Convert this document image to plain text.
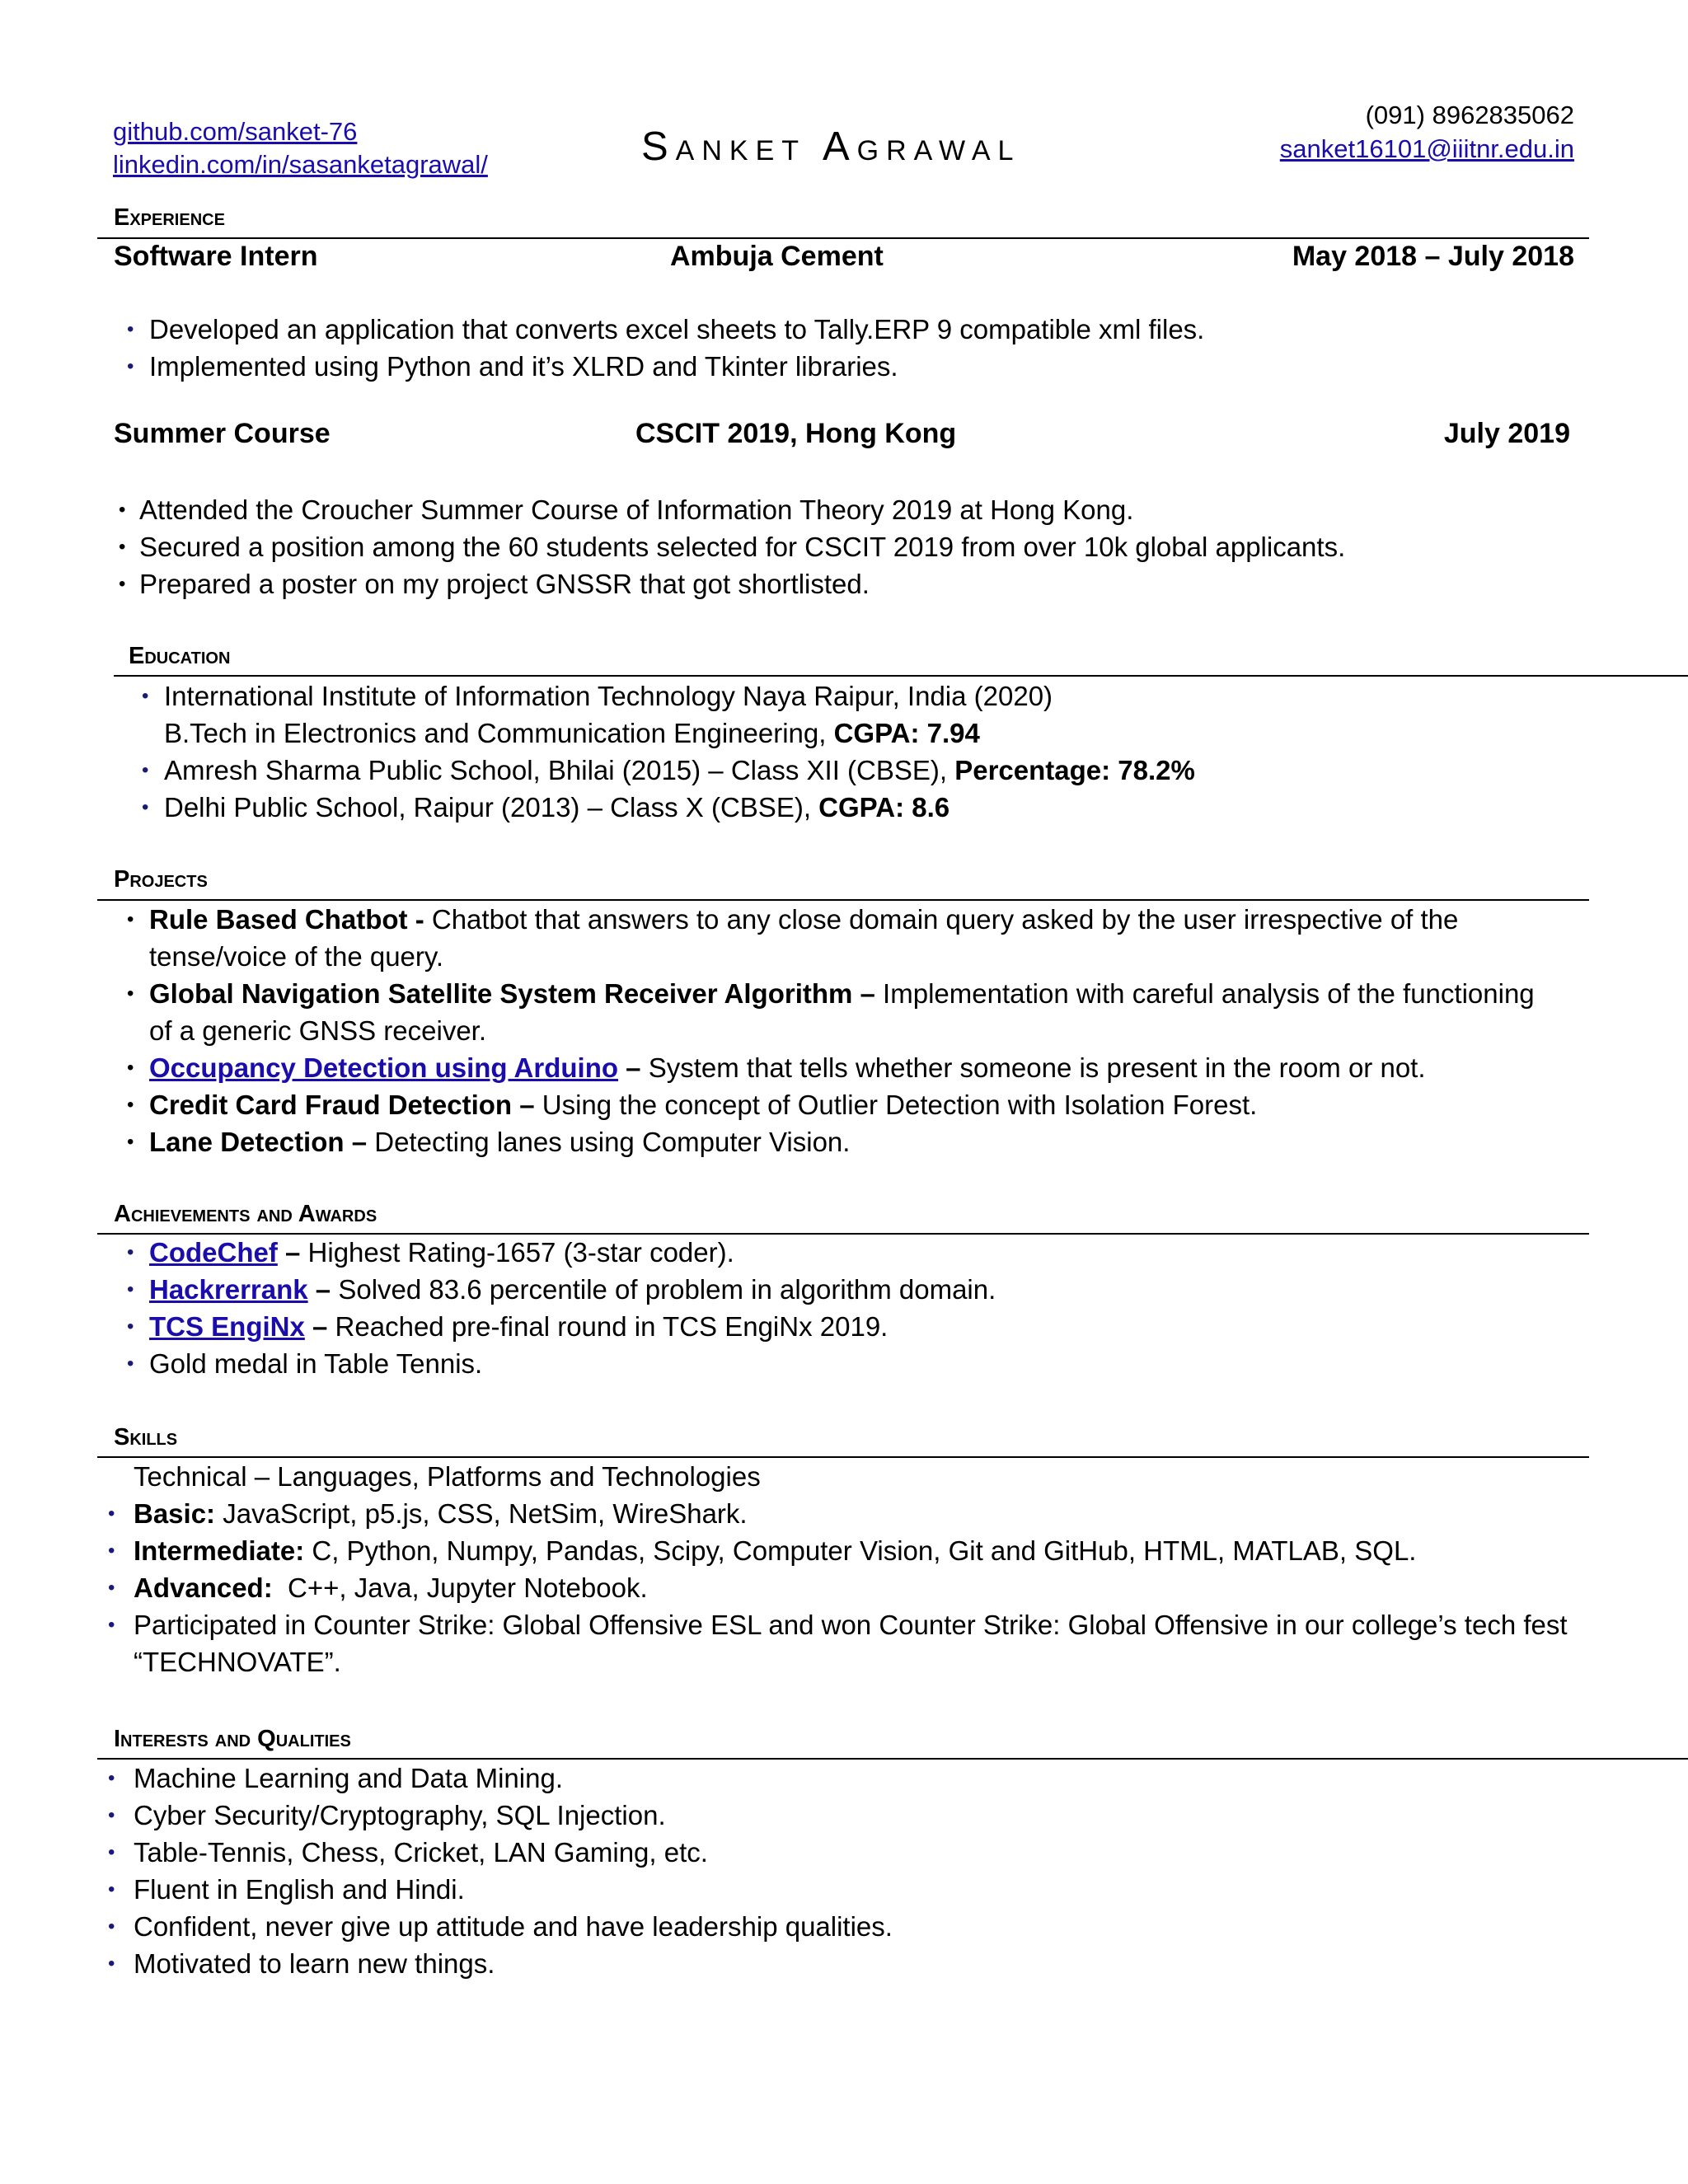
github.com/sanket-76
linkedin.com/in/sasanketagrawal/	Sanket Agrawal
(091) 8962835062
sanket16101@iiitnr.edu.in
Experience
Software Intern	Ambuja Cement	May 2018 – July 2018
• Developed an application that converts excel sheets to Tally.ERP 9 compatible xml files.
• Implemented using Python and it’s XLRD and Tkinter libraries.
Summer Course	CSCIT 2019, Hong Kong	July 2019
• Attended the Croucher Summer Course of Information Theory 2019 at Hong Kong.
• Secured a position among the 60 students selected for CSCIT 2019 from over 10k global applicants.
• Prepared a poster on my project GNSSR that got shortlisted.
Education
• International Institute of Information Technology Naya Raipur, India (2020)
B.Tech in Electronics and Communication Engineering, CGPA: 7.94
• Amresh Sharma Public School, Bhilai (2015) – Class XII (CBSE), Percentage: 78.2%
• Delhi Public School, Raipur (2013) – Class X (CBSE), CGPA: 8.6
Projects
• Rule Based Chatbot - Chatbot that answers to any close domain query asked by the user irrespective of the
tense/voice of the query.
• Global Navigation Satellite System Receiver Algorithm – Implementation with careful analysis of the functioning
of a generic GNSS receiver.
• Occupancy Detection using Arduino – System that tells whether someone is present in the room or not.
• Credit Card Fraud Detection – Using the concept of Outlier Detection with Isolation Forest.
• Lane Detection – Detecting lanes using Computer Vision.
Achievements and Awards
• CodeChef – Highest Rating-1657 (3-star coder).
• Hackrerrank – Solved 83.6 percentile of problem in algorithm domain.
• TCS EngiNx – Reached pre-final round in TCS EngiNx 2019.
• Gold medal in Table Tennis.
Skills
Technical – Languages, Platforms and Technologies
• Basic: JavaScript, p5.js, CSS, NetSim, WireShark.
• Intermediate: C, Python, Numpy, Pandas, Scipy, Computer Vision, Git and GitHub, HTML, MATLAB, SQL.
• Advanced:  C++, Java, Jupyter Notebook.
• Participated in Counter Strike: Global Offensive ESL and won Counter Strike: Global Offensive in our college’s tech fest
“TECHNOVATE”.
Interests and Qualities
• Machine Learning and Data Mining.
• Cyber Security/Cryptography, SQL Injection.
• Table-Tennis, Chess, Cricket, LAN Gaming, etc.
• Fluent in English and Hindi.
• Confident, never give up attitude and have leadership qualities.
• Motivated to learn new things.
